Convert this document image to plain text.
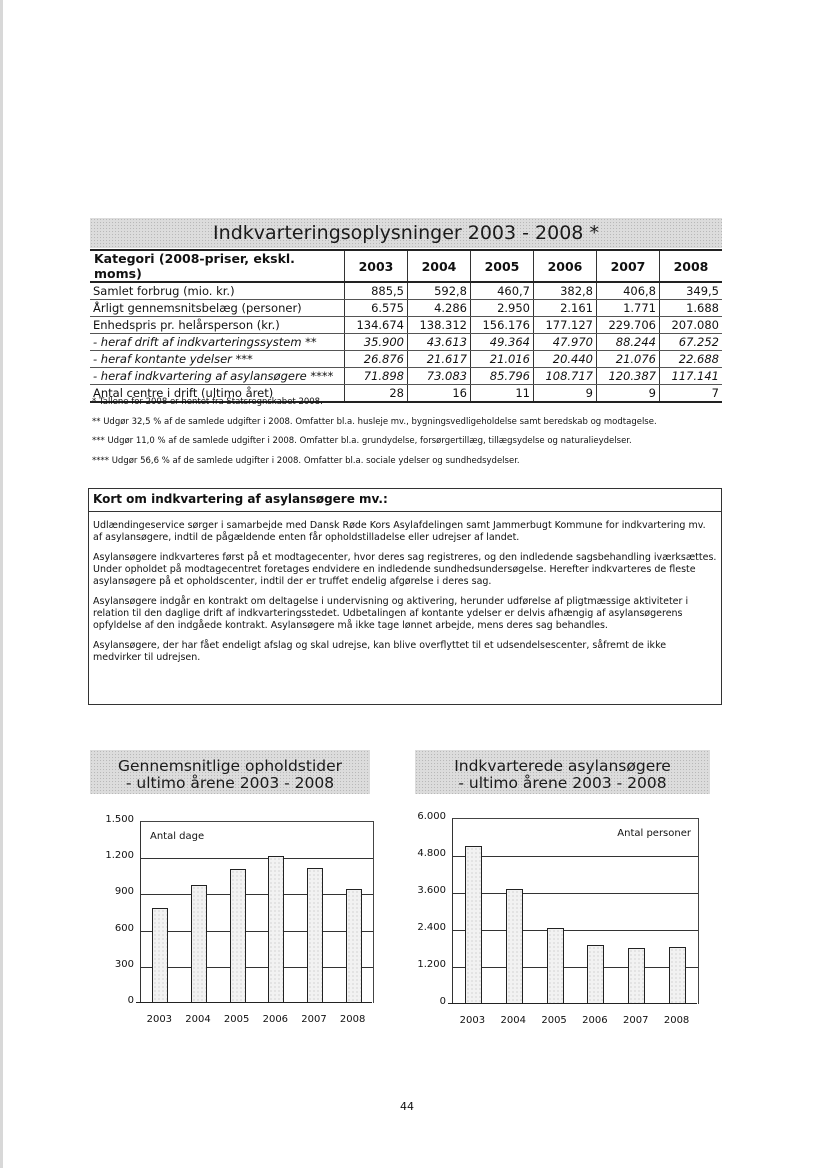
Indkvarteringsoplysninger 2003 - 2008 *
Kategori (2008-priser, ekskl. moms)	2003	2004	2005	2006	2007	2008
Samlet forbrug (mio. kr.)	885,5	592,8	460,7	382,8	406,8	349,5
Årligt gennemsnitsbelæg (personer)	6.575	4.286	2.950	2.161	1.771	1.688
Enhedspris pr. helårsperson (kr.)	134.674	138.312	156.176	177.127	229.706	207.080
- heraf drift af indkvarteringssystem **	35.900	43.613	49.364	47.970	88.244	67.252
- heraf kontante ydelser ***	26.876	21.617	21.016	20.440	21.076	22.688
- heraf indkvartering af asylansøgere ****	71.898	73.083	85.796	108.717	120.387	117.141
Antal centre i drift (ultimo året)	28	16	11	9	9	7
* Tallene for 2008 er hentet fra Statsregnskabet 2008.
** Udgør 32,5 % af de samlede udgifter i 2008. Omfatter bl.a. husleje mv., bygningsvedligeholdelse samt beredskab og modtagelse.
*** Udgør 11,0 % af de samlede udgifter i 2008. Omfatter bl.a. grundydelse, forsørgertillæg, tillægsydelse og naturalieydelser.
**** Udgør 56,6 % af de samlede udgifter i 2008. Omfatter bl.a. sociale ydelser og sundhedsydelser.
Kort om indkvartering af asylansøgere mv.:

Udlændingeservice sørger i samarbejde med Dansk Røde Kors Asylafdelingen samt Jammerbugt Kommune for indkvartering mv. af asylansøgere, indtil de pågældende enten får opholdstilladelse eller udrejser af landet.

Asylansøgere indkvarteres først på et modtagecenter, hvor deres sag registreres, og den indledende sagsbehandling iværksættes. Under opholdet på modtagecentret foretages endvidere en indledende sundhedsundersøgelse. Herefter indkvarteres de fleste asylansøgere på et opholdscenter, indtil der er truffet endelig afgørelse i deres sag.

Asylansøgere indgår en kontrakt om deltagelse i undervisning og aktivering, herunder udførelse af pligtmæssige aktiviteter i relation til den daglige drift af indkvarteringsstedet. Udbetalingen af kontante ydelser er delvis afhængig af asylansøgerens opfyldelse af den indgåede kontrakt. Asylansøgere må ikke tage lønnet arbejde, mens deres sag behandles.

Asylansøgere, der har fået endeligt afslag og skal udrejse, kan blive overflyttet til et udsendelsescenter, såfremt de ikke medvirker til udrejsen.

Gennemsnitlige opholdstider
- ultimo årene 2003 - 2008
Indkvarterede asylansøgere
- ultimo årene 2003 - 2008
0
300
600
900
1.200
1.500
2003	2004	2005	2006	2007	2008
Antal dage
0
1.200
2.400
3.600
4.800
6.000
2003	2004	2005	2006	2007	2008
Antal personer
44
